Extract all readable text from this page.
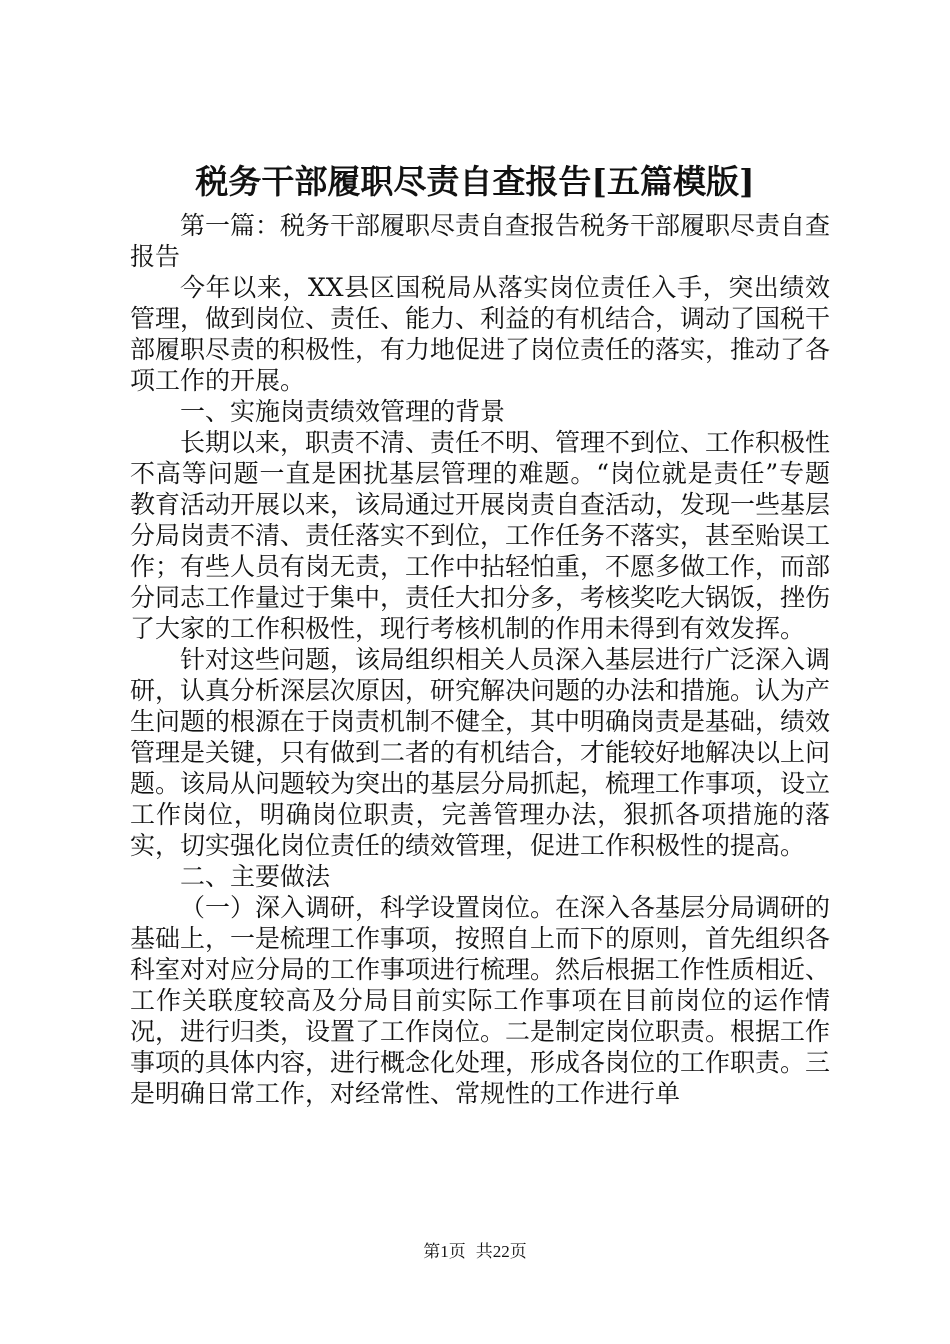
税务干部履职尽责自查报告[五篇模版]

第一篇：税务干部履职尽责自查报告税务干部履职尽责自查报告

今年以来，XX县区国税局从落实岗位责任入手，突出绩效管理，做到岗位、责任、能力、利益的有机结合，调动了国税干部履职尽责的积极性，有力地促进了岗位责任的落实，推动了各项工作的开展。

一、实施岗责绩效管理的背景

长期以来，职责不清、责任不明、管理不到位、工作积极性不高等问题一直是困扰基层管理的难题。“岗位就是责任”专题教育活动开展以来，该局通过开展岗责自查活动，发现一些基层分局岗责不清、责任落实不到位，工作任务不落实，甚至贻误工作；有些人员有岗无责，工作中拈轻怕重，不愿多做工作，而部分同志工作量过于集中，责任大扣分多，考核奖吃大锅饭，挫伤了大家的工作积极性，现行考核机制的作用未得到有效发挥。

针对这些问题，该局组织相关人员深入基层进行广泛深入调研，认真分析深层次原因，研究解决问题的办法和措施。认为产生问题的根源在于岗责机制不健全，其中明确岗责是基础，绩效管理是关键，只有做到二者的有机结合，才能较好地解决以上问题。该局从问题较为突出的基层分局抓起，梳理工作事项，设立工作岗位，明确岗位职责，完善管理办法，狠抓各项措施的落实，切实强化岗位责任的绩效管理，促进工作积极性的提高。

二、主要做法

（一）深入调研，科学设置岗位。在深入各基层分局调研的基础上，一是梳理工作事项，按照自上而下的原则，首先组织各科室对对应分局的工作事项进行梳理。然后根据工作性质相近、工作关联度较高及分局目前实际工作事项在目前岗位的运作情况，进行归类，设置了工作岗位。二是制定岗位职责。根据工作事项的具体内容，进行概念化处理，形成各岗位的工作职责。三是明确日常工作，对经常性、常规性的工作进行单

第1页 共22页
